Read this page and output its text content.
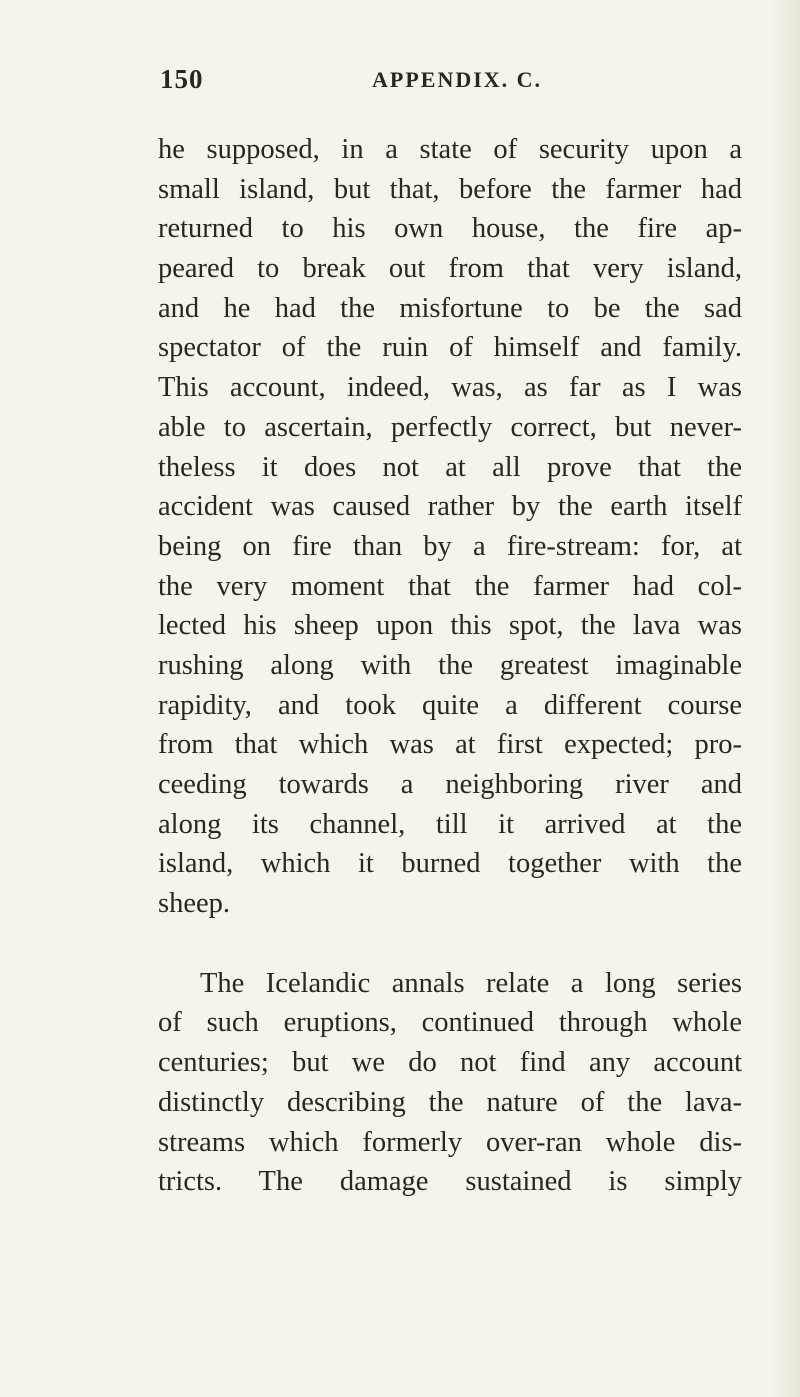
150	APPENDIX. C.
he supposed, in a state of security upon a
small island, but that, before the farmer had
returned to his own house, the fire ap-
peared to break out from that very island,
and he had the misfortune to be the sad
spectator of the ruin of himself and family.
This account, indeed, was, as far as I was
able to ascertain, perfectly correct, but never-
theless it does not at all prove that the
accident was caused rather by the earth itself
being on fire than by a fire-stream: for, at
the very moment that the farmer had col-
lected his sheep upon this spot, the lava was
rushing along with the greatest imaginable
rapidity, and took quite a different course
from that which was at first expected; pro-
ceeding towards a neighboring river and
along its channel, till it arrived at the
island, which it burned together with the
sheep.
The Icelandic annals relate a long series
of such eruptions, continued through whole
centuries; but we do not find any account
distinctly describing the nature of the lava-
streams which formerly over-ran whole dis-
tricts. The damage sustained is simply
